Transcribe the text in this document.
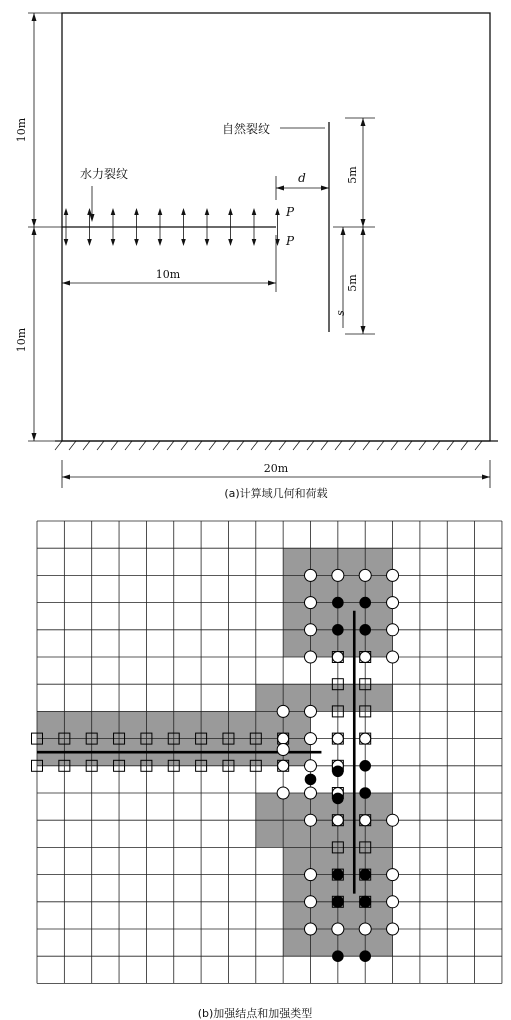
10m
10m
20m
P
P
水力裂纹
10m
自然裂纹
d	5m
5m
s
(a)计算域几何和荷载
(b)加强结点和加强类型
